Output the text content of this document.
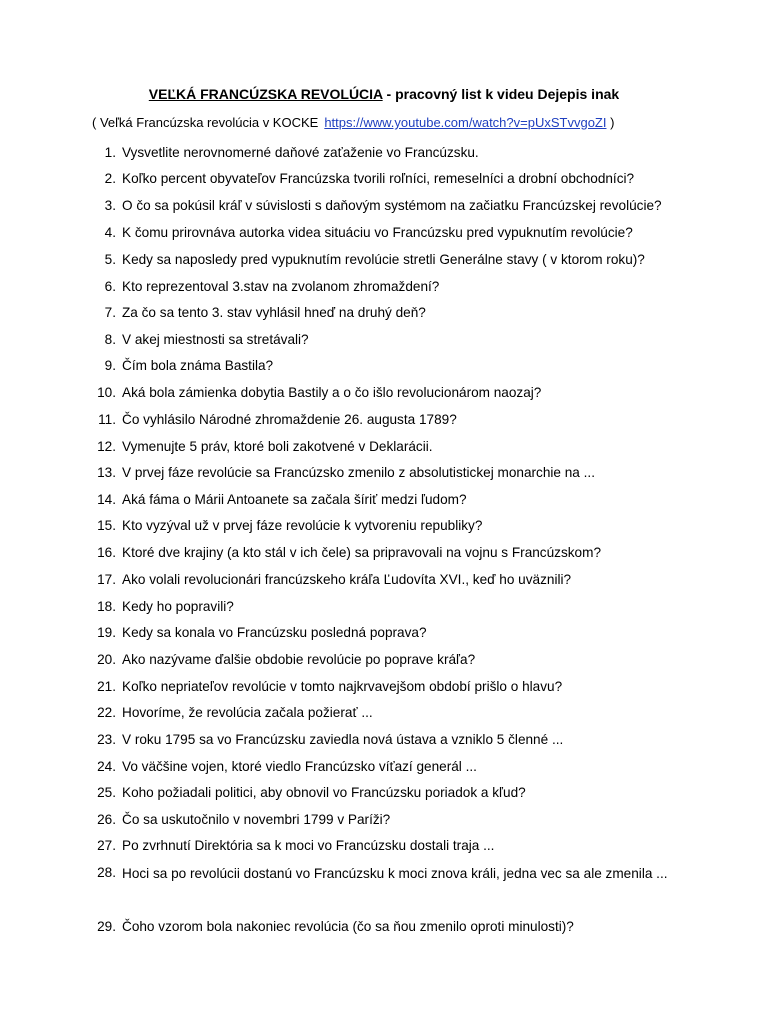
VEĽKÁ FRANCÚZSKA REVOLÚCIA - pracovný list k videu Dejepis inak
( Veľká Francúzska revolúcia v KOCKE https://www.youtube.com/watch?v=pUxSTvvgoZI )
1. Vysvetlite nerovnomerné daňové zaťaženie vo Francúzsku.
2. Koľko percent obyvateľov Francúzska tvorili roľníci, remeselníci a drobní obchodníci?
3. O čo sa pokúsil kráľ v súvislosti s daňovým systémom na začiatku Francúzskej revolúcie?
4. K čomu prirovnáva autorka videa situáciu vo Francúzsku pred vypuknutím revolúcie?
5. Kedy sa naposledy pred vypuknutím revolúcie stretli Generálne stavy ( v ktorom roku)?
6. Kto reprezentoval 3.stav na zvolanom zhromaždení?
7. Za čo sa tento 3. stav vyhlásil hneď na druhý deň?
8. V akej miestnosti sa stretávali?
9. Čím bola známa Bastila?
10. Aká bola zámienka dobytia Bastily a o čo išlo revolucionárom naozaj?
11. Čo vyhlásilo Národné zhromaždenie 26. augusta 1789?
12. Vymenujte 5 práv, ktoré boli zakotvené v Deklarácii.
13. V prvej fáze revolúcie sa Francúzsko zmenilo z absolutistickej monarchie na ...
14. Aká fáma o Márii Antoanete sa začala šíriť medzi ľudom?
15. Kto vyzýval už v prvej fáze revolúcie k vytvoreniu republiky?
16. Ktoré dve krajiny (a kto stál v ich čele) sa pripravovali na vojnu s Francúzskom?
17. Ako volali revolucionári francúzskeho kráľa Ľudovíta XVI., keď ho uväznili?
18. Kedy ho popravili?
19. Kedy sa konala vo Francúzsku posledná poprava?
20. Ako nazývame ďalšie obdobie revolúcie po poprave kráľa?
21. Koľko nepriateľov revolúcie v tomto najkrvavejšom období prišlo o hlavu?
22. Hovoríme, že revolúcia začala požierať ...
23. V roku 1795 sa vo Francúzsku zaviedla nová ústava a vzniklo 5 členné ...
24. Vo väčšine vojen, ktoré viedlo Francúzsko víťazí generál ...
25. Koho požiadali politici, aby obnovil vo Francúzsku poriadok a kľud?
26. Čo sa uskutočnilo v novembri 1799 v Paríži?
27. Po zvrhnutí Direktória sa k moci vo Francúzsku dostali traja ...
28. Hoci sa po revolúcii dostanú vo Francúzsku k moci znova králi, jedna vec sa ale zmenila ...
29. Čoho vzorom bola nakoniec revolúcia (čo sa ňou zmenilo oproti minulosti)?
